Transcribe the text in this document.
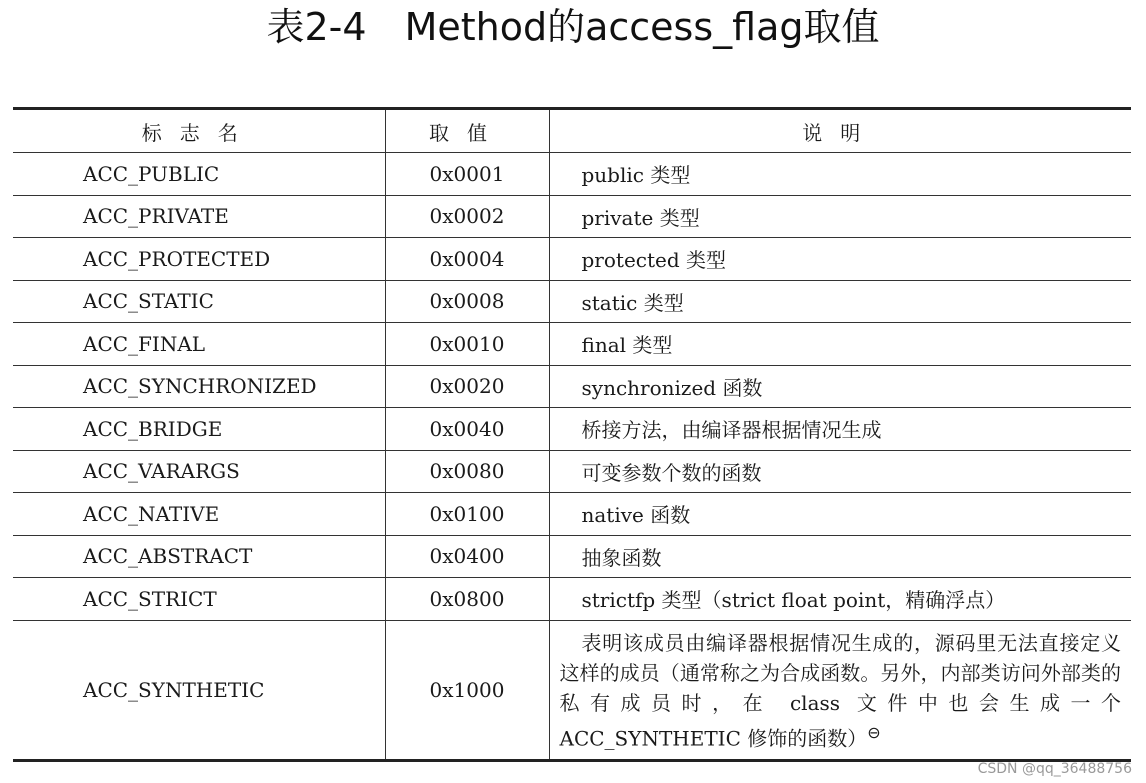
表2-4 Method的access_flag取值
标志名	取值	说明
ACC_PUBLIC	0x0001	public 类型
ACC_PRIVATE	0x0002	private 类型
ACC_PROTECTED	0x0004	protected 类型
ACC_STATIC	0x0008	static 类型
ACC_FINAL	0x0010	final 类型
ACC_SYNCHRONIZED	0x0020	synchronized 函数
ACC_BRIDGE	0x0040	桥接方法，由编译器根据情况生成
ACC_VARARGS	0x0080	可变参数个数的函数
ACC_NATIVE	0x0100	native 函数
ACC_ABSTRACT	0x0400	抽象函数
ACC_STRICT	0x0800	strictfp 类型（strict float point，精确浮点）
ACC_SYNTHETIC	0x1000	表明该成员由编译器根据情况生成的，源码里无法直接定义这样的成员（通常称之为合成函数。另外，内部类访问外部类的私有成员时，在 class 文件中也会生成一个 ACC_SYNTHETIC 修饰的函数）⊖
CSDN @qq_36488756
